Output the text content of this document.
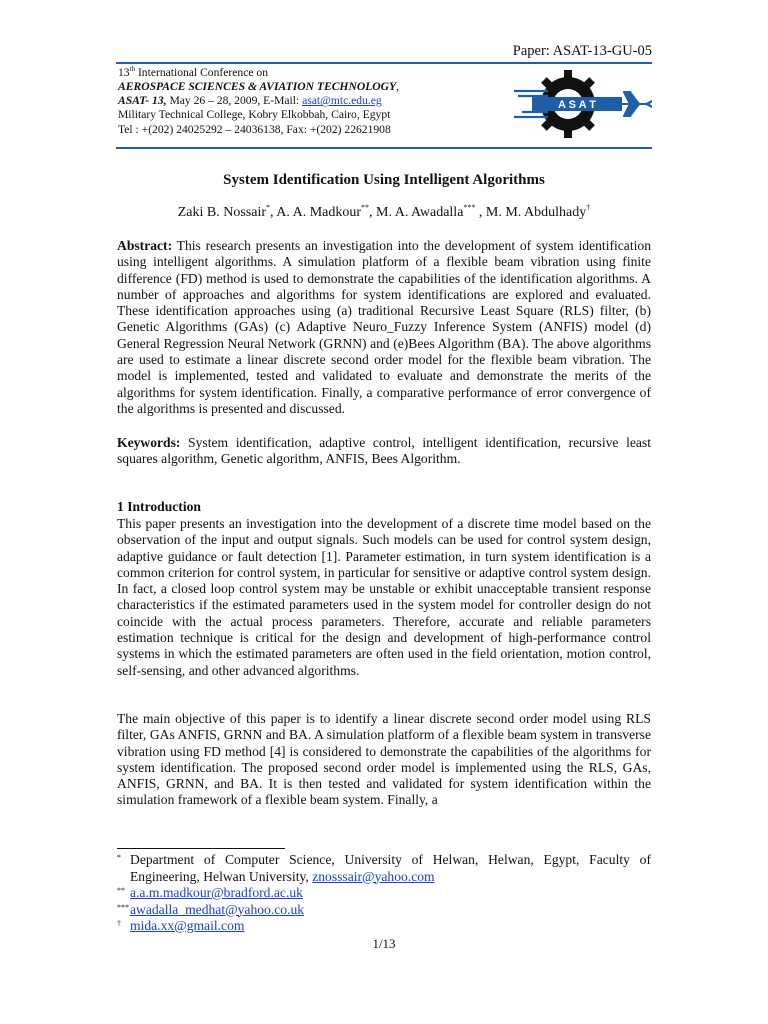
Paper: ASAT-13-GU-05
13th International Conference on
AEROSPACE SCIENCES & AVIATION TECHNOLOGY,
ASAT- 13, May 26 – 28, 2009, E-Mail: asat@mtc.edu.eg
Military Technical College, Kobry Elkobbah, Cairo, Egypt
Tel : +(202) 24025292 – 24036138, Fax: +(202) 22621908
A S A T
System Identification Using Intelligent Algorithms
Zaki B. Nossair*, A. A. Madkour**, M. A. Awadalla*** , M. M. Abdulhady†
Abstract: This research presents an investigation into the development of system identification using intelligent algorithms. A simulation platform of a flexible beam vibration using finite difference (FD) method is used to demonstrate the capabilities of the identification algorithms. A number of approaches and algorithms for system identifications are explored and evaluated. These identification approaches using (a) traditional Recursive Least Square (RLS) filter, (b) Genetic Algorithms (GAs) (c) Adaptive Neuro_Fuzzy Inference System (ANFIS) model (d) General Regression Neural Network (GRNN) and (e)Bees Algorithm (BA). The above algorithms are used to estimate a linear discrete second order model for the flexible beam vibration. The model is implemented, tested and validated to evaluate and demonstrate the merits of the algorithms for system identification. Finally, a comparative performance of error convergence of the algorithms is presented and discussed.
Keywords: System identification, adaptive control, intelligent identification, recursive least squares algorithm, Genetic algorithm, ANFIS, Bees Algorithm.
1 Introduction
This paper presents an investigation into the development of a discrete time model based on the observation of the input and output signals. Such models can be used for control system design, adaptive guidance or fault detection [1]. Parameter estimation, in turn system identification is a common criterion for control system, in particular for sensitive or adaptive control system design. In fact, a closed loop control system may be unstable or exhibit unacceptable transient response characteristics if the estimated parameters used in the system model for controller design do not coincide with the actual process parameters. Therefore, accurate and reliable parameters estimation technique is critical for the design and development of high-performance control systems in which the estimated parameters are often used in the field orientation, motion control, self-sensing, and other advanced algorithms.
The main objective of this paper is to identify a linear discrete second order model using RLS filter, GAs ANFIS, GRNN and BA. A simulation platform of a flexible beam system in transverse vibration using FD method [4] is considered to demonstrate the capabilities of the algorithms for system identification. The proposed second order model is implemented using the RLS, GAs, ANFIS, GRNN, and BA. It is then tested and validated for system identification within the simulation framework of a flexible beam system. Finally, a
* Department of Computer Science, University of Helwan, Helwan, Egypt, Faculty of Engineering, Helwan University, znosssair@yahoo.com
** a.a.m.madkour@bradford.ac.uk
*** awadalla_medhat@yahoo.co.uk
† mida.xx@gmail.com
1/13
